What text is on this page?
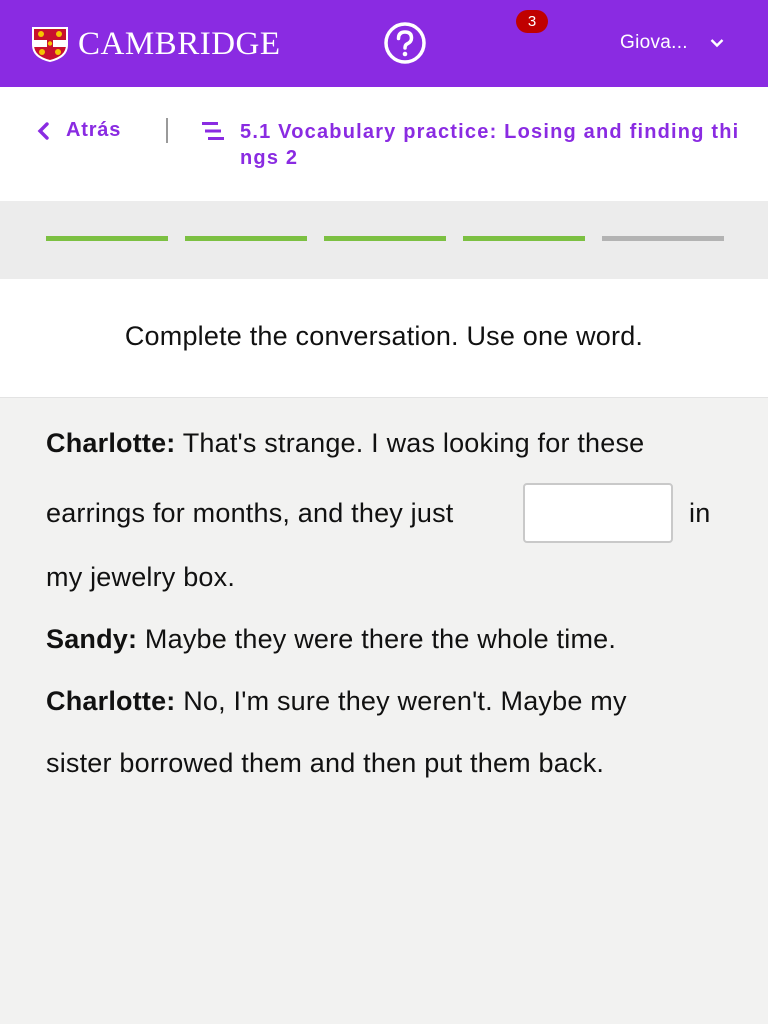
CAMBRIDGE
3
Giova...
Atrás	5.1 Vocabulary practice: Losing and finding things 2

Complete the conversation. Use one word.
Charlotte: That's strange. I was looking for these
earrings for months, and they just	in
my jewelry box.
Sandy: Maybe they were there the whole time.
Charlotte: No, I'm sure they weren't. Maybe my
sister borrowed them and then put them back.
